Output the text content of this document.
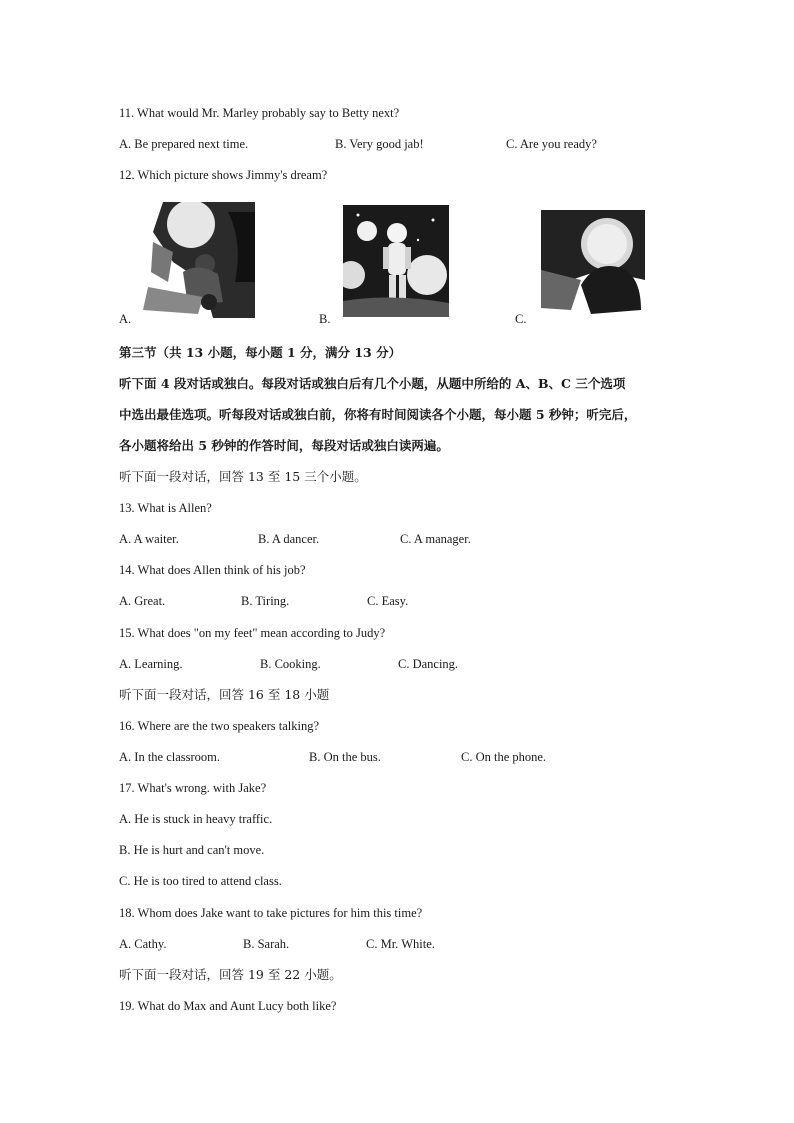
11. What would Mr. Marley probably say to Betty next?
A. Be prepared next time.	B. Very good jab!	C. Are you ready?
12. Which picture shows Jimmy's dream?
A.	B.	C.
第三节（共 13 小题，每小题 1 分，满分 13 分）
听下面 4 段对话或独白。每段对话或独白后有几个小题，从题中所给的 A、B、C 三个选项
中选出最佳选项。听每段对话或独白前，你将有时间阅读各个小题，每小题 5 秒钟；听完后，
各小题将给出 5 秒钟的作答时间，每段对话或独白读两遍。
听下面一段对话，回答 13 至 15 三个小题。
13. What is Allen?
A. A waiter.	B. A dancer.	C. A manager.
14. What does Allen think of his job?
A. Great.	B. Tiring.	C. Easy.
15. What does "on my feet" mean according to Judy?
A. Learning.	B. Cooking.	C. Dancing.
听下面一段对话，回答 16 至 18 小题
16. Where are the two speakers talking?
A. In the classroom.	B. On the bus.	C. On the phone.
17. What's wrong. with Jake?
A. He is stuck in heavy traffic.
B. He is hurt and can't move.
C. He is too tired to attend class.
18. Whom does Jake want to take pictures for him this time?
A. Cathy.	B. Sarah.	C. Mr. White.
听下面一段对话，回答 19 至 22 小题。
19. What do Max and Aunt Lucy both like?
